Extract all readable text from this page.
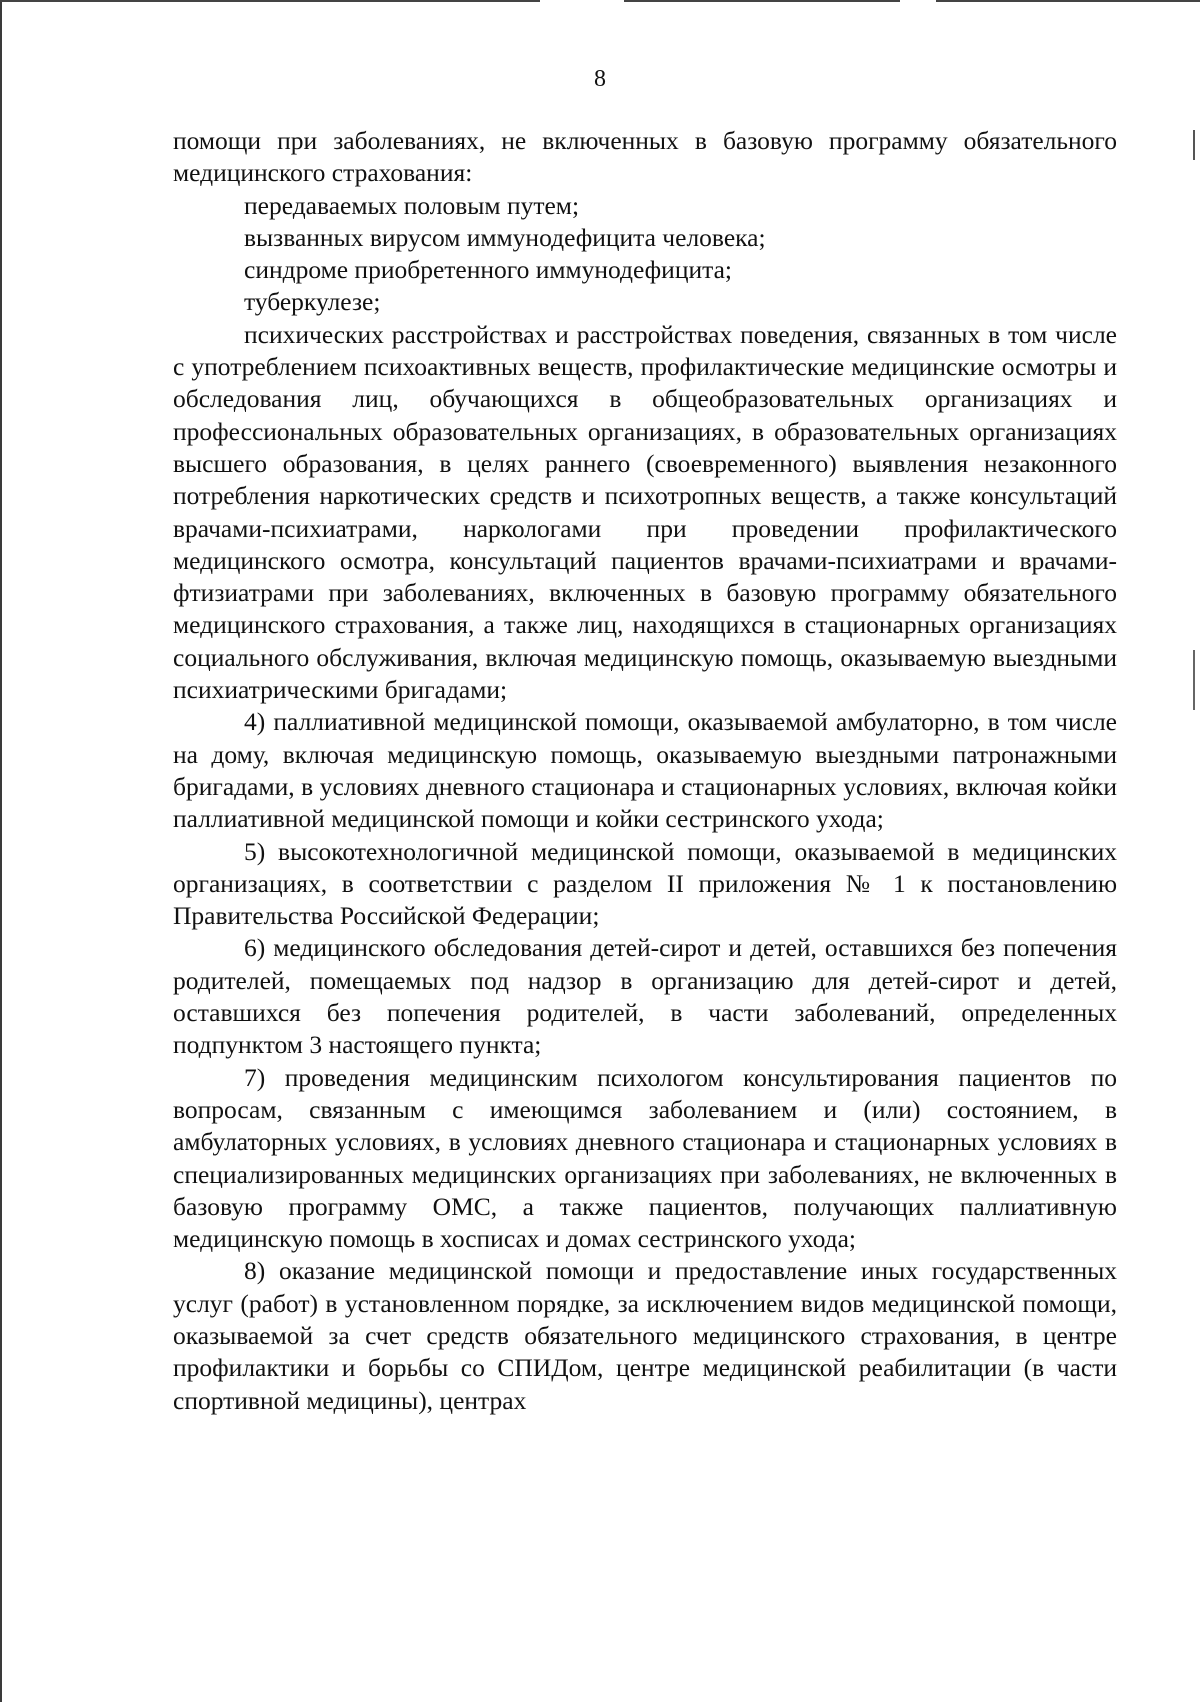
8

помощи при заболеваниях, не включенных в базовую программу обязательного медицинского страхования:

передаваемых половым путем;

вызванных вирусом иммунодефицита человека;

синдроме приобретенного иммунодефицита;

туберкулезе;

психических расстройствах и расстройствах поведения, связанных в том числе с употреблением психоактивных веществ, профилактические медицинские осмотры и обследования лиц, обучающихся в общеобразовательных организациях и профессиональных образовательных организациях, в образовательных организациях высшего образования, в целях раннего (своевременного) выявления незаконного потребления наркотических средств и психотропных веществ, а также консультаций врачами-психиатрами, наркологами при проведении профилактического медицинского осмотра, консультаций пациентов врачами-психиатрами и врачами-фтизиатрами при заболеваниях, включенных в базовую программу обязательного медицинского страхования, а также лиц, находящихся в стационарных организациях социального обслуживания, включая медицинскую помощь, оказываемую выездными психиатрическими бригадами;

4) паллиативной медицинской помощи, оказываемой амбулаторно, в том числе на дому, включая медицинскую помощь, оказываемую выездными патронажными бригадами, в условиях дневного стационара и стационарных условиях, включая койки паллиативной медицинской помощи и койки сестринского ухода;

5) высокотехнологичной медицинской помощи, оказываемой в медицинских организациях, в соответствии с разделом II приложения № 1 к постановлению Правительства Российской Федерации;

6) медицинского обследования детей-сирот и детей, оставшихся без попечения родителей, помещаемых под надзор в организацию для детей-сирот и детей, оставшихся без попечения родителей, в части заболеваний, определенных подпунктом 3 настоящего пункта;

7) проведения медицинским психологом консультирования пациентов по вопросам, связанным с имеющимся заболеванием и (или) состоянием, в амбулаторных условиях, в условиях дневного стационара и стационарных условиях в специализированных медицинских организациях при заболеваниях, не включенных в базовую программу ОМС, а также пациентов, получающих паллиативную медицинскую помощь в хосписах и домах сестринского ухода;

8) оказание медицинской помощи и предоставление иных государственных услуг (работ) в установленном порядке, за исключением видов медицинской помощи, оказываемой за счет средств обязательного медицинского страхования, в центре профилактики и борьбы со СПИДом, центре медицинской реабилитации (в части спортивной медицины), центрах
